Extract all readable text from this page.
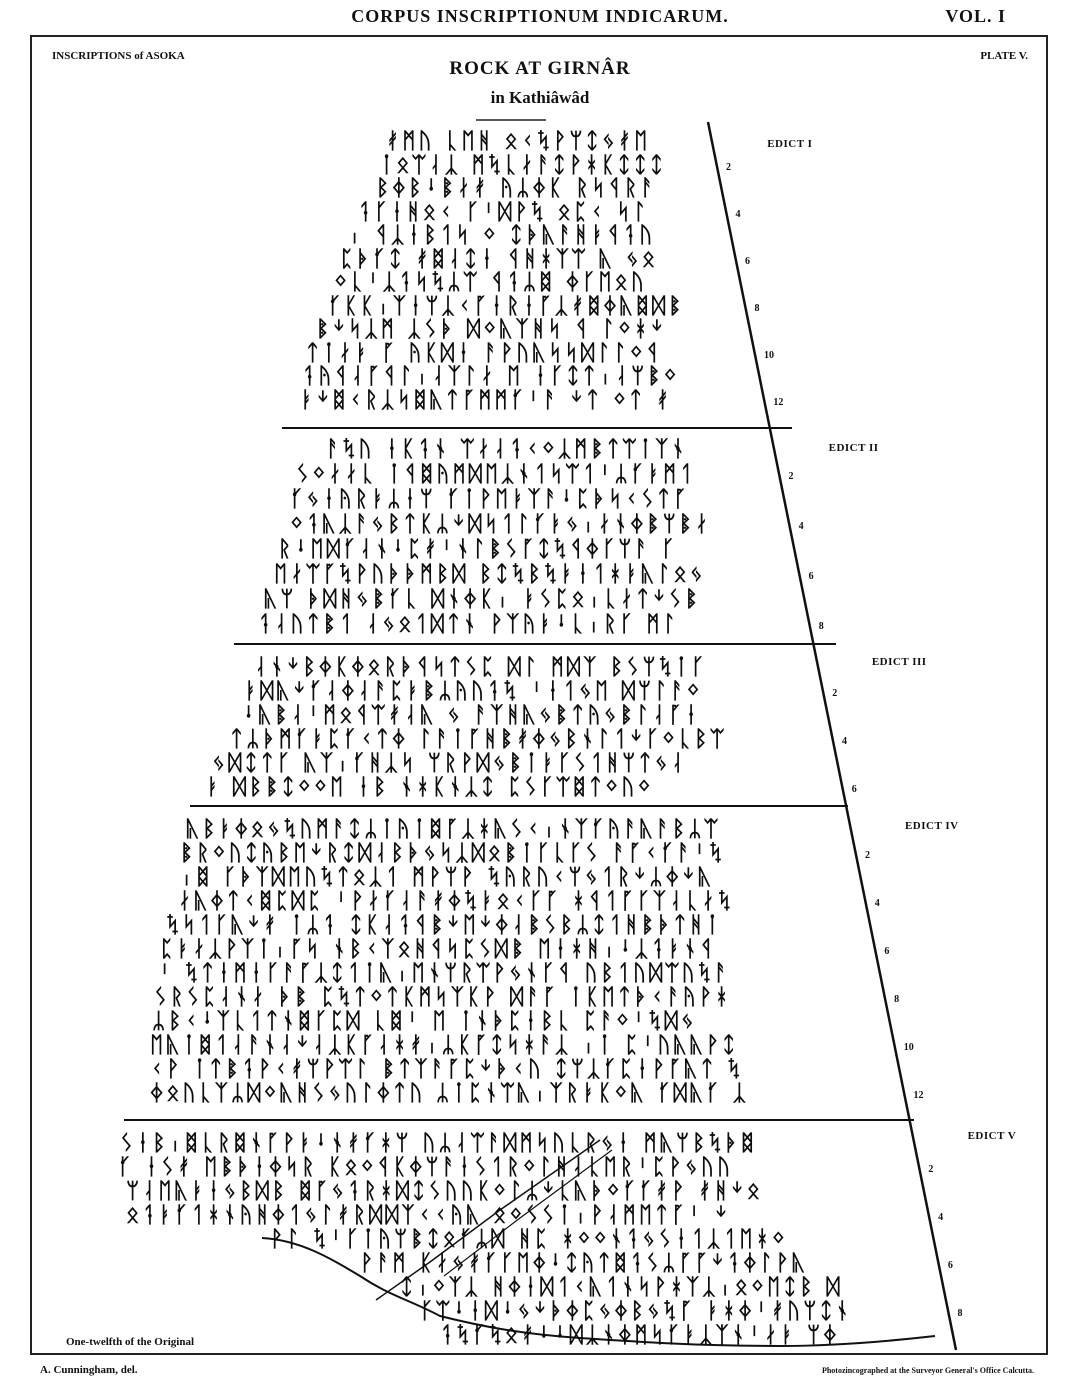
CORPUS INSCRIPTIONUM INDICARUM.	VOL. I
INSCRIPTIONS of ASOKA	PLATE V.
ROCK AT GIRNÂR
in Kathiâwâd
ᚯᛗᚢ ᚳᛖᚻ ᛟᚲᛪᚹᛘᛨᛃᚯᛖ
ᛙᛟᛠᛆᛣ ᛗᛪᚳᛅᚨᛨᚹᚼᛕᛨᛨᛨ
ᛒᛄᛒᛍᛔᛅᚯ ᚤᛦᛄᛕ ᚱᛋᛩᚱᚨ
ᛑᚴᛂᚻᛟᚲ ᚴᛌᛞᚹᛪ ᛟᛈᚲ ᛋᛚ
ᛧ ᛩᛣᛂᛒᛐᛋ ᛜ ᛨᚧᚣᚨᚻᛓᛩᛑᚢ
ᛈᚧᚶᛨ ᚯᛥᛆᛨᛂ ᛩᚻᚼᛉᛠ ᚣ ᛃᛟ
ᛜᚳᛌᛣᛑᛋᛪᛦᛠ ᛩᛑᛦᛥ ᛄᚴᛖᛟᚢ
ᚶᛕᛕᛧᛉᛂᛘᛣᚲᚵᛂᚱᛂᚵᛣᚯᛥᛄᚣᛥᛞᛔ
ᛔᛎᛋᛣᛗ ᛣᛊᚧ ᛞᛜᚣᛉᚻᛋ ᛩ ᛚᛜᚼᛎ
ᛏᛙᛅᛓ ᚵ ᚤᛕᛞᛂ ᚨᚹᚢᚣᛋᛋᛞᛚᛚᛜᛩ
ᛑᚤᛩᛆᚵᛩᛚᛧᛆᛉᛚᛅ ᛖ ᛂᚴᛨᛏᛧᛆᛘᛔᛜ
ᛓᛎᛥᚲᚱᛣᛋᛥᚣᛏᚵᛗᛗᚶᛌᚨ ᛎᛏ ᛜᛏ ᚯ
ᚨᛪᚢ ᛂᛕᛑᛀ ᛠᛅᛆᛑᚲᛜᛣᛗᛔᛏᛠᛙᛉᛀ
ᛊᛜᛅᛅᚳ ᛙᛩᛥᚤᛗᛞᛖᛣᛀᛐᛋᛠᛐᛌᛦᚶᛓᛗᛐ
ᚶᛃᛂᚤᚱᛓᛦᛂᛘ ᚶᛙᚹᛖᛓᛉᚨᛍᛈᚧᛋᚲᛊᛏᚵ
ᛜᛑᚣᛣᚨᛃᛒᛏᛕᛦᛎᛞᛋᛐᛚᚶᛓᛃᛧᛅᛀᛄᛔᛘᛔᛅ
ᚱᛍᛖᛞᚶᛆᛀᛍᛈᚯᛌᛀᛚᛔᛊᚵᛨᛪᛩᛄᚴᛘᚨ ᚴ
ᛖᛅᛠᚵᛪᚹᚢᚧᚧᛗᛒᛞ ᛒᛨᛪᛒᛪᛓᛂᛐᚼᛓᚣᛚᛟᛃ
ᚣᛘ ᚧᛞᚻᛃᛔᚶᚳ ᛞᛀᛄᛕᛧ ᛓᛊᛈᛟᛧᚳᛅᛏᛎᛊᛔ
ᛑᛆᚢᛏᛔᛐ ᛆᛃᛟᛐᛞᛏᛀ ᚹᛉᚤᛓᛍᚳᛧᚱᚴ ᛗᛚ
ᛆᛀᛎᛒᛄᛕᛄᛟᚱᚧᛩᛋᛏᛊᛈ ᛞᛚ ᛗᛞᛉ ᛒᛊᛘᛪᛙᚴ
ᛓᛞᚣᛎᚶᛆᛄᛆᚨᛈᛓᛔᛦᚤᚢᛑᛪ ᛌᛂᛐᛃᛖ ᛞᛘᛚᚨᛜ
ᛍᚣᛔᛆᛌᛗᛟᛩᛠᚯᛆᚣ ᛃ ᚨᛉᚻᚣᛃᛔᛏᚤᛃᛔᛚᛆᚵᛂ
ᛏᛦᚧᛗᚶᛓᛈᚶᚲᛏᛄ ᛚᚨᛙᚵᚻᛔᚯᛄᛃᛒᛀᛚᛐᛎᚴᛜᚳᛒᛠ
ᛃᛞᛨᛏᚴ ᚣᛉᛧᚶᚻᛣᛋ ᛘᚱᚹᛞᛃᛔᛙᛓᚴᛊᛐᚻᛘᛏᛃᛆ
ᛓ ᛞᛒᛔᛨᛜᛜᛖ ᛂᛒ ᛀᚼᛕᛀᛣᛨ ᛈᛊᚴᛠᛥᛏᛜᚢᛜ
ᚣᛒᛓᛄᛟᛃᛪᚢᛗᚨᛨᛦᛙᚤᛙᛥᚵᛣᚼᚣᛊᚲᛧᛀᛉᚶᚤᚨᚣᚨᛒᛦᛠ
ᛔᚱᛜᚢᛨᚤᛒᛖᛎᚱᛨᛞᛆᛒᚧᛃᛋᛣᛞᛟᛔᛙᚴᚳᚴᛊ ᚨᚵᚲᚶᚨᛌᛪ
ᛧᛥ ᚴᚧᛉᛞᛖᚢᛪᛏᛟᛣᛐ ᛗᚹᛘᚹ ᛪᚤᚱᚢᚲᛘᛃᛐᚱᛎᛦᛄᛎᚣ
ᛅᚣᛄᛏᚲᛥᛈᛞᛈ ᛌᚹᛅᚶᛆᚨᚯᛄᛪᛓᛟᚲᚴᚵ ᚼᛩᛐᚵᚴᛉᛆᚳᛅᛪ
ᛪᛋᛐᚴᚣᛎᚯ ᛙᛦᛑ ᛨᛕᛆᛑᛩᛔᛎᛖᛎᛄᛆᛔᛊᛒᛦᛨᛐᚻᛔᚧᛏᚻᛙ
ᛈᛓᛅᛣᚹᛉᛙᛧᚵᛋ ᛀᛒᚲᛉᛟᚻᛩᛋᛈᛊᛞᛔ ᛖᛂᚼᚻᛧᛍᛣᛑᛓᛀᛩ
ᛌ ᛪᛏᛂᛗᛂᚴᚨᚵᛣᛨᛐᛙᚣᛧᛖᛀᛘᚱᛠᚹᛃᛀᚴᛩ ᚢᛒᛐᚢᛞᛠᚢᛪᚨ
ᛊᚱᛊᛈᛆᛀᛅ ᚧᛔ ᛈᛪᛏᛜᛏᛕᛗᛋᛉᛕᚹ ᛞᚨᚵ ᛙᛕᛖᛏᚧᚲᚨᚤᚹᚼ
ᛦᛒᚲᛍᛉᚳᛐᛏᛀᛥᚴᛈᛞ ᚳᛥᛌ ᛖ ᛙᛀᚧᛈᛂᛒᚳ ᛈᚨᛜᛌᛪᛞᛃ
ᛖᚣᛙᛥᛐᛆᚨᛀᛆᛎᛆᛣᛕᚵᛆᚼᚯᛧᛦᛕᚵᛨᛋᚼᚨᛣ ᛧᛙ ᛈᛌᚢᚣᚣᚹᛨ
ᚲᚹ ᛙᛏᛔᛑᚹᚲᚯᛘᚹᛠᛚ ᛔᛏᛉᚨᚵᛈᛎᚧᚲᚢ ᛨᛘᛣᚶᛈᛂᚹᚵᚣᛏ ᛪ
ᛄᛟᚢᚳᛉᛦᛞᛜᚣᚻᛊᛃᚢᛚᛄᛏᚢ ᛦᛙᛈᛀᛠᚣᛧᛉᚱᛓᛕᛜᚣ ᚶᛞᚣᚶ ᛣ
ᛊᛂᛒᛧᛥᚳᚱᛥᛀᚵᚹᛓᛍᛀᚯᚶᚼᛘ ᚢᛦᛆᛠᚨᛞᛗᛋᚢᚳᚱᛃᛂ ᛗᚣᛘᛒᛪᚧᛥ
ᚶ ᛂᛊᚯ ᛖᛔᚧᛂᛄᛋᚱ ᛕᛟᛜᛩᛕᛄᛘᚨᛂᛊᛐᚱᛜᛚᚻᛆᚳᛖᚱᛌᛈᚹᛃᚢᚢ
ᛘᛆᛖᚣᛓᛂᛃᛒᛞᛒ ᛥᚵᛃᛑᚱᚼᛞᛨᛊᚢᚢᛕᛜᛚᛦᛎᚳᚣᚧᛜᚶᚶᚯᚹ ᚯᚻᛎᛟ
ᛟᛑᛓᚶᛐᚼᛀᚤᚻᛄᛐᛃᛚᚯᚱᛞᛞᛉᚲᚲᚤᚣ ᛟᛜᛊᛊᛙᛧᚹᛆᛗᛖᛏᚵᛌ ᛎ
ᚹᛚ ᛪᛌᚴᛙᚤᛘᛔᛨᛟᚶᛦᛞ ᚻᛈ ᚼᛜᛜᛀᛑᛃᛊᛂᛐᛣᛐᛖᚼᛜ
ᚹᚨᛗ ᛕᛅᛃᚯᚶᚴᛖᛄᛍᛨᚤᛏᛥᛑᛊᛦᚵᚵᛎᛑᛄᛚᚹᚣ
ᛨᛧᛜᛉᛣ ᚻᛄᛂᛞᛐᚲᚣᛐᛀᛋᚹᚼᛉᛣᛧᛟᛜᛖᛨᛒ ᛞ
ᚴᛠᛍᛂᛞᛍᛃᛎᚧᛄᛈᛃᛄᛒᛃᛪᚵ ᛓᚼᛄᛌᚯᚢᛘᛨᛀ
ᛑᛪᚶᛪᛟᚯᛍᛍᛞᛣᛀᛄᛗᛋᚶᛓᛣᛉᛀᛌᛅᛓ ᛘᛄ
EDICT I
2
4
6
8
10
12
EDICT II
2
4
6
8
EDICT III
2
4
6
EDICT IV
2
4
6
8
10
12
EDICT V
2
4
6
8
One-twelfth of the Original
A. Cunningham, del.	Photozincographed at the Surveyor General's Office Calcutta.
